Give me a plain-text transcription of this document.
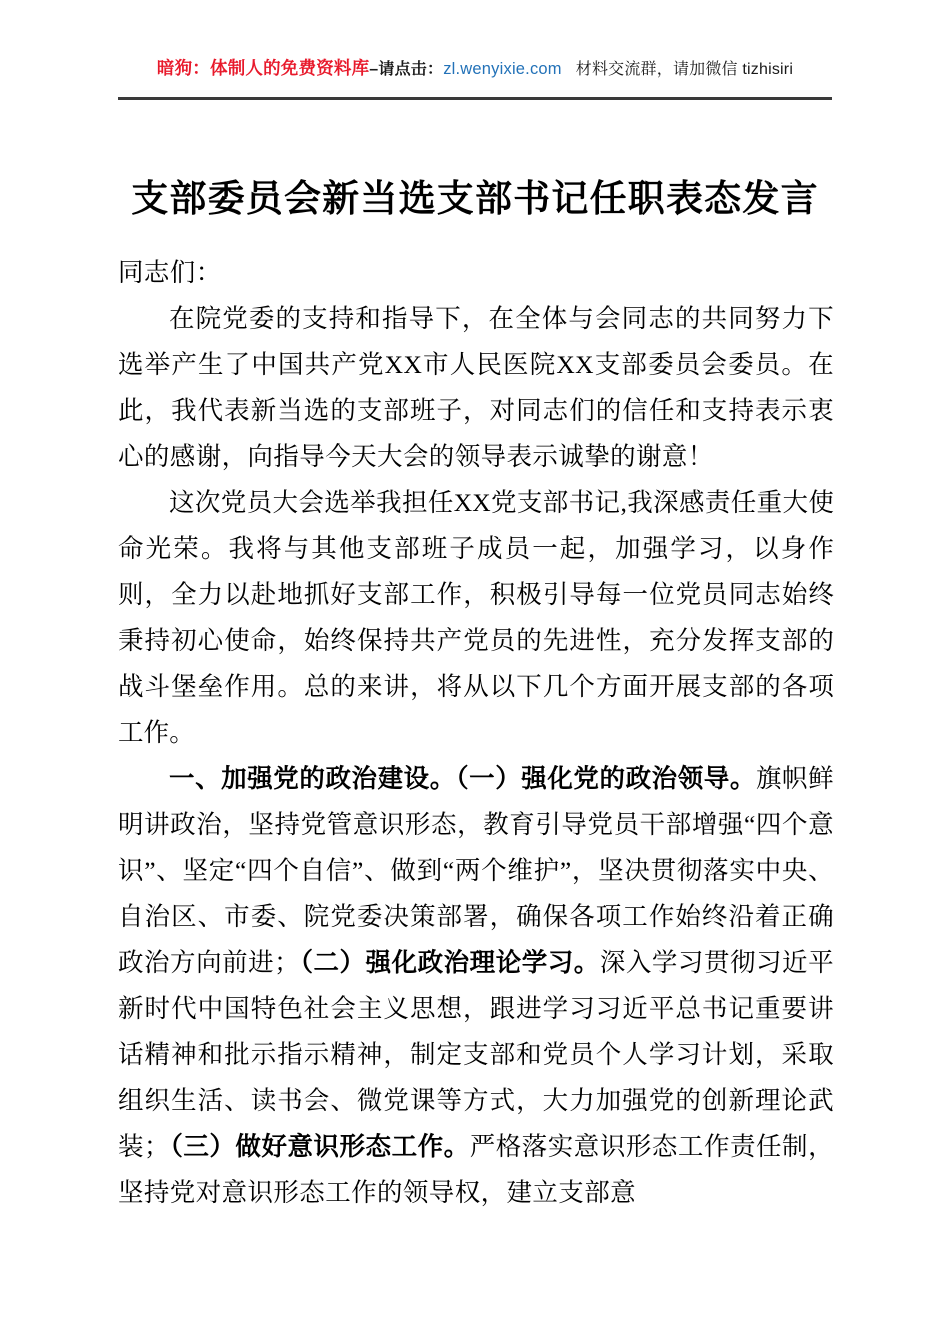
暗狗：体制人的免费资料库–请点击：zl.wenyixie.com 材料交流群，请加微信 tizhisiri
支部委员会新当选支部书记任职表态发言

同志们：

在院党委的支持和指导下，在全体与会同志的共同努力下选举产生了中国共产党XX市人民医院XX支部委员会委员。在此，我代表新当选的支部班子，对同志们的信任和支持表示衷心的感谢，向指导今天大会的领导表示诚挚的谢意！

这次党员大会选举我担任XX党支部书记,我深感责任重大使命光荣。我将与其他支部班子成员一起，加强学习，以身作则，全力以赴地抓好支部工作，积极引导每一位党员同志始终秉持初心使命，始终保持共产党员的先进性，充分发挥支部的战斗堡垒作用。总的来讲，将从以下几个方面开展支部的各项工作。

一、加强党的政治建设。（一）强化党的政治领导。旗帜鲜明讲政治，坚持党管意识形态，教育引导党员干部增强“四个意识”、坚定“四个自信”、做到“两个维护”，坚决贯彻落实中央、自治区、市委、院党委决策部署，确保各项工作始终沿着正确政治方向前进；（二）强化政治理论学习。深入学习贯彻习近平新时代中国特色社会主义思想，跟进学习习近平总书记重要讲话精神和批示指示精神，制定支部和党员个人学习计划，采取组织生活、读书会、微党课等方式，大力加强党的创新理论武装；（三）做好意识形态工作。严格落实意识形态工作责任制，坚持党对意识形态工作的领导权，建立支部意
